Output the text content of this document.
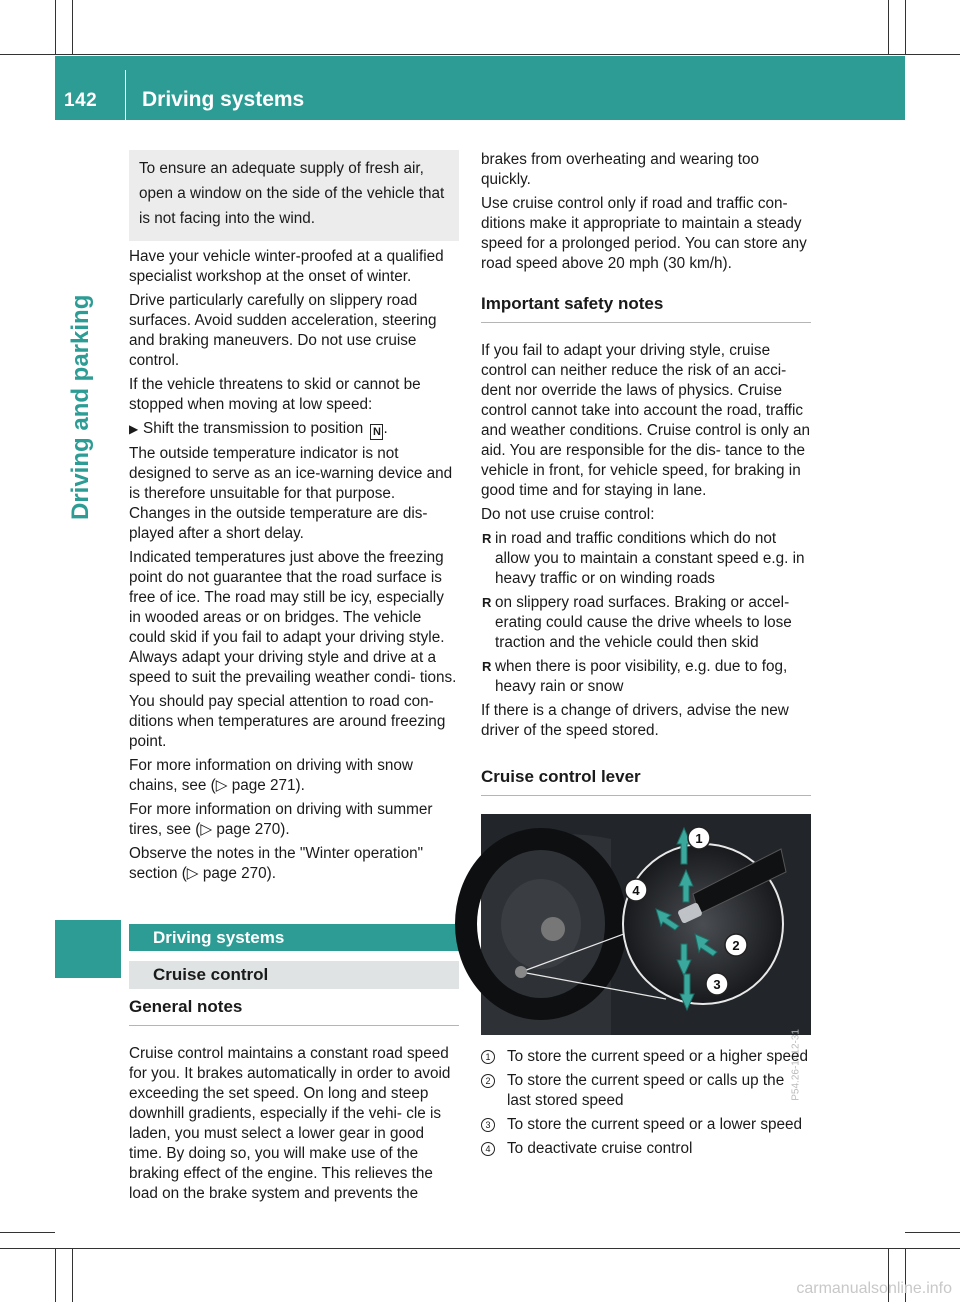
142 Driving systems
Driving and parking
To ensure an adequate supply of fresh air, open a window on the side of the vehicle that is not facing into the wind.

Have your vehicle winter-proofed at a qualified specialist workshop at the onset of winter.

Drive particularly carefully on slippery road surfaces. Avoid sudden acceleration, steering and braking maneuvers. Do not use cruise control.

If the vehicle threatens to skid or cannot be stopped when moving at low speed:

▶ Shift the transmission to position N .

The outside temperature indicator is not designed to serve as an ice-warning device and is therefore unsuitable for that purpose. Changes in the outside temperature are dis- played after a short delay.

Indicated temperatures just above the freezing point do not guarantee that the road surface is free of ice. The road may still be icy, especially in wooded areas or on bridges. The vehicle could skid if you fail to adapt your driving style. Always adapt your driving style and drive at a speed to suit the prevailing weather condi- tions.

You should pay special attention to road con- ditions when temperatures are around freezing point.

For more information on driving with snow chains, see (▷ page 271).

For more information on driving with summer tires, see (▷ page 270).

Observe the notes in the "Winter operation" section (▷ page 270).

Driving systems
Cruise control
General notes

Cruise control maintains a constant road speed for you. It brakes automatically in order to avoid exceeding the set speed. On long and steep downhill gradients, especially if the vehi- cle is laden, you must select a lower gear in good time. By doing so, you will make use of the braking effect of the engine. This relieves the load on the brake system and prevents the

brakes from overheating and wearing too quickly.

Use cruise control only if road and traffic con- ditions make it appropriate to maintain a steady speed for a prolonged period. You can store any road speed above 20 mph (30 km/h).

Important safety notes

If you fail to adapt your driving style, cruise control can neither reduce the risk of an acci- dent nor override the laws of physics. Cruise control cannot take into account the road, traffic and weather conditions. Cruise control is only an aid. You are responsible for the dis- tance to the vehicle in front, for vehicle speed, for braking in good time and for staying in lane.

Do not use cruise control:

R in road and traffic conditions which do not allow you to maintain a constant speed e.g. in heavy traffic or on winding roads
R on slippery road surfaces. Braking or accel- erating could cause the drive wheels to lose traction and the vehicle could then skid
R when there is poor visibility, e.g. due to fog, heavy rain or snow

If there is a change of drivers, advise the new driver of the speed stored.

Cruise control lever
1
2
3
4
P54.26-1412-31
1 To store the current speed or a higher speed
2 To store the current speed or calls up the last stored speed
3 To store the current speed or a lower speed
4 To deactivate cruise control
carmanualsonline.info
